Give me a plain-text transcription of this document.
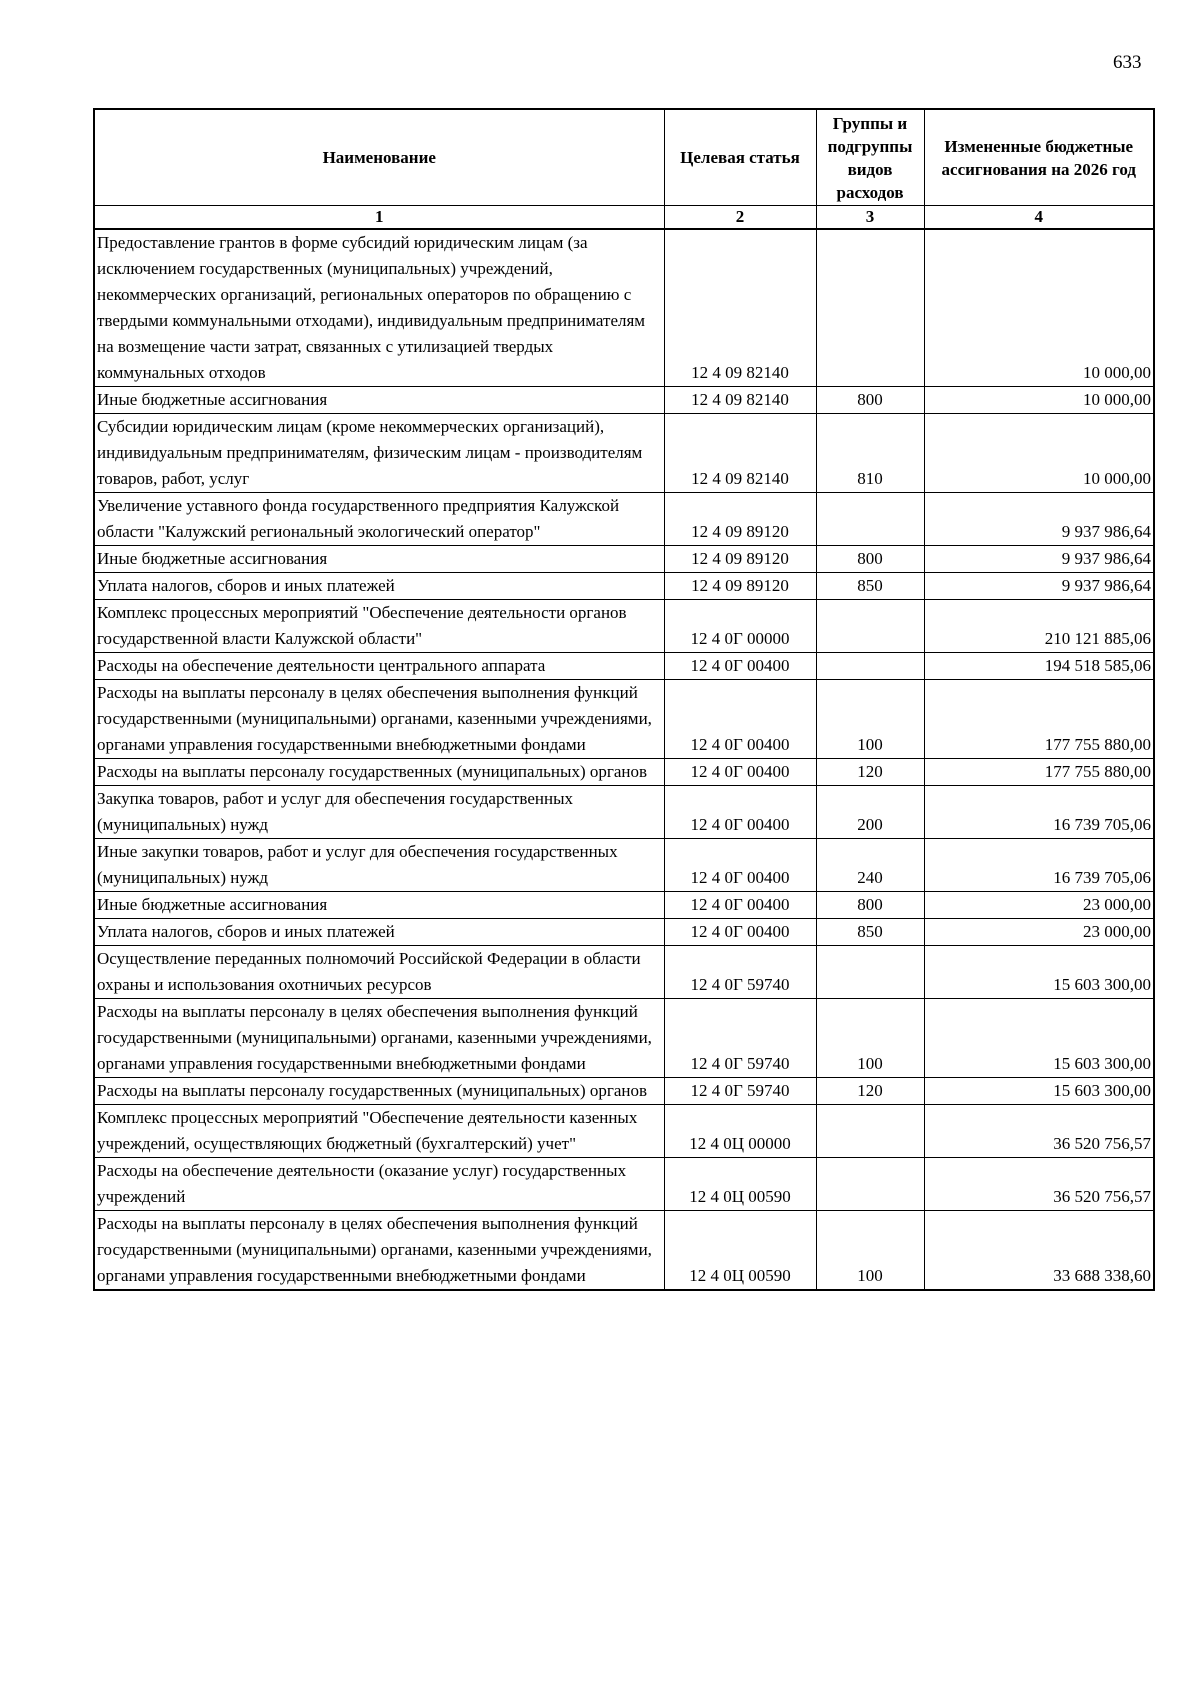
633
Наименование	Целевая статья	Группы и подгруппы видов расходов	Измененные бюджетные ассигнования на 2026 год
1	2	3	4
Предоставление грантов в форме субсидий юридическим лицам (за исключением государственных (муниципальных) учреждений, некоммерческих организаций, региональных операторов по обращению с твердыми коммунальными отходами), индивидуальным предпринимателям на возмещение части затрат, связанных с утилизацией твердых коммунальных отходов	12 4 09 82140		10 000,00
Иные бюджетные ассигнования	12 4 09 82140	800	10 000,00
Субсидии юридическим лицам (кроме некоммерческих организаций), индивидуальным предпринимателям, физическим лицам - производителям товаров, работ, услуг	12 4 09 82140	810	10 000,00
Увеличение уставного фонда государственного предприятия Калужской области "Калужский региональный экологический оператор"	12 4 09 89120		9 937 986,64
Иные бюджетные ассигнования	12 4 09 89120	800	9 937 986,64
Уплата налогов, сборов и иных платежей	12 4 09 89120	850	9 937 986,64
Комплекс процессных мероприятий "Обеспечение деятельности органов государственной власти Калужской области"	12 4 0Г 00000		210 121 885,06
Расходы на обеспечение деятельности центрального аппарата	12 4 0Г 00400		194 518 585,06
Расходы на выплаты персоналу в целях обеспечения выполнения функций государственными (муниципальными) органами, казенными учреждениями, органами управления государственными внебюджетными фондами	12 4 0Г 00400	100	177 755 880,00
Расходы на выплаты персоналу государственных (муниципальных) органов	12 4 0Г 00400	120	177 755 880,00
Закупка товаров, работ и услуг для обеспечения государственных (муниципальных) нужд	12 4 0Г 00400	200	16 739 705,06
Иные закупки товаров, работ и услуг для обеспечения государственных (муниципальных) нужд	12 4 0Г 00400	240	16 739 705,06
Иные бюджетные ассигнования	12 4 0Г 00400	800	23 000,00
Уплата налогов, сборов и иных платежей	12 4 0Г 00400	850	23 000,00
Осуществление переданных полномочий Российской Федерации в области охраны и использования охотничьих ресурсов	12 4 0Г 59740		15 603 300,00
Расходы на выплаты персоналу в целях обеспечения выполнения функций государственными (муниципальными) органами, казенными учреждениями, органами управления государственными внебюджетными фондами	12 4 0Г 59740	100	15 603 300,00
Расходы на выплаты персоналу государственных (муниципальных) органов	12 4 0Г 59740	120	15 603 300,00
Комплекс процессных мероприятий "Обеспечение деятельности казенных учреждений, осуществляющих бюджетный (бухгалтерский) учет"	12 4 0Ц 00000		36 520 756,57
Расходы на обеспечение деятельности (оказание услуг) государственных учреждений	12 4 0Ц 00590		36 520 756,57
Расходы на выплаты персоналу в целях обеспечения выполнения функций государственными (муниципальными) органами, казенными учреждениями, органами управления государственными внебюджетными фондами	12 4 0Ц 00590	100	33 688 338,60
